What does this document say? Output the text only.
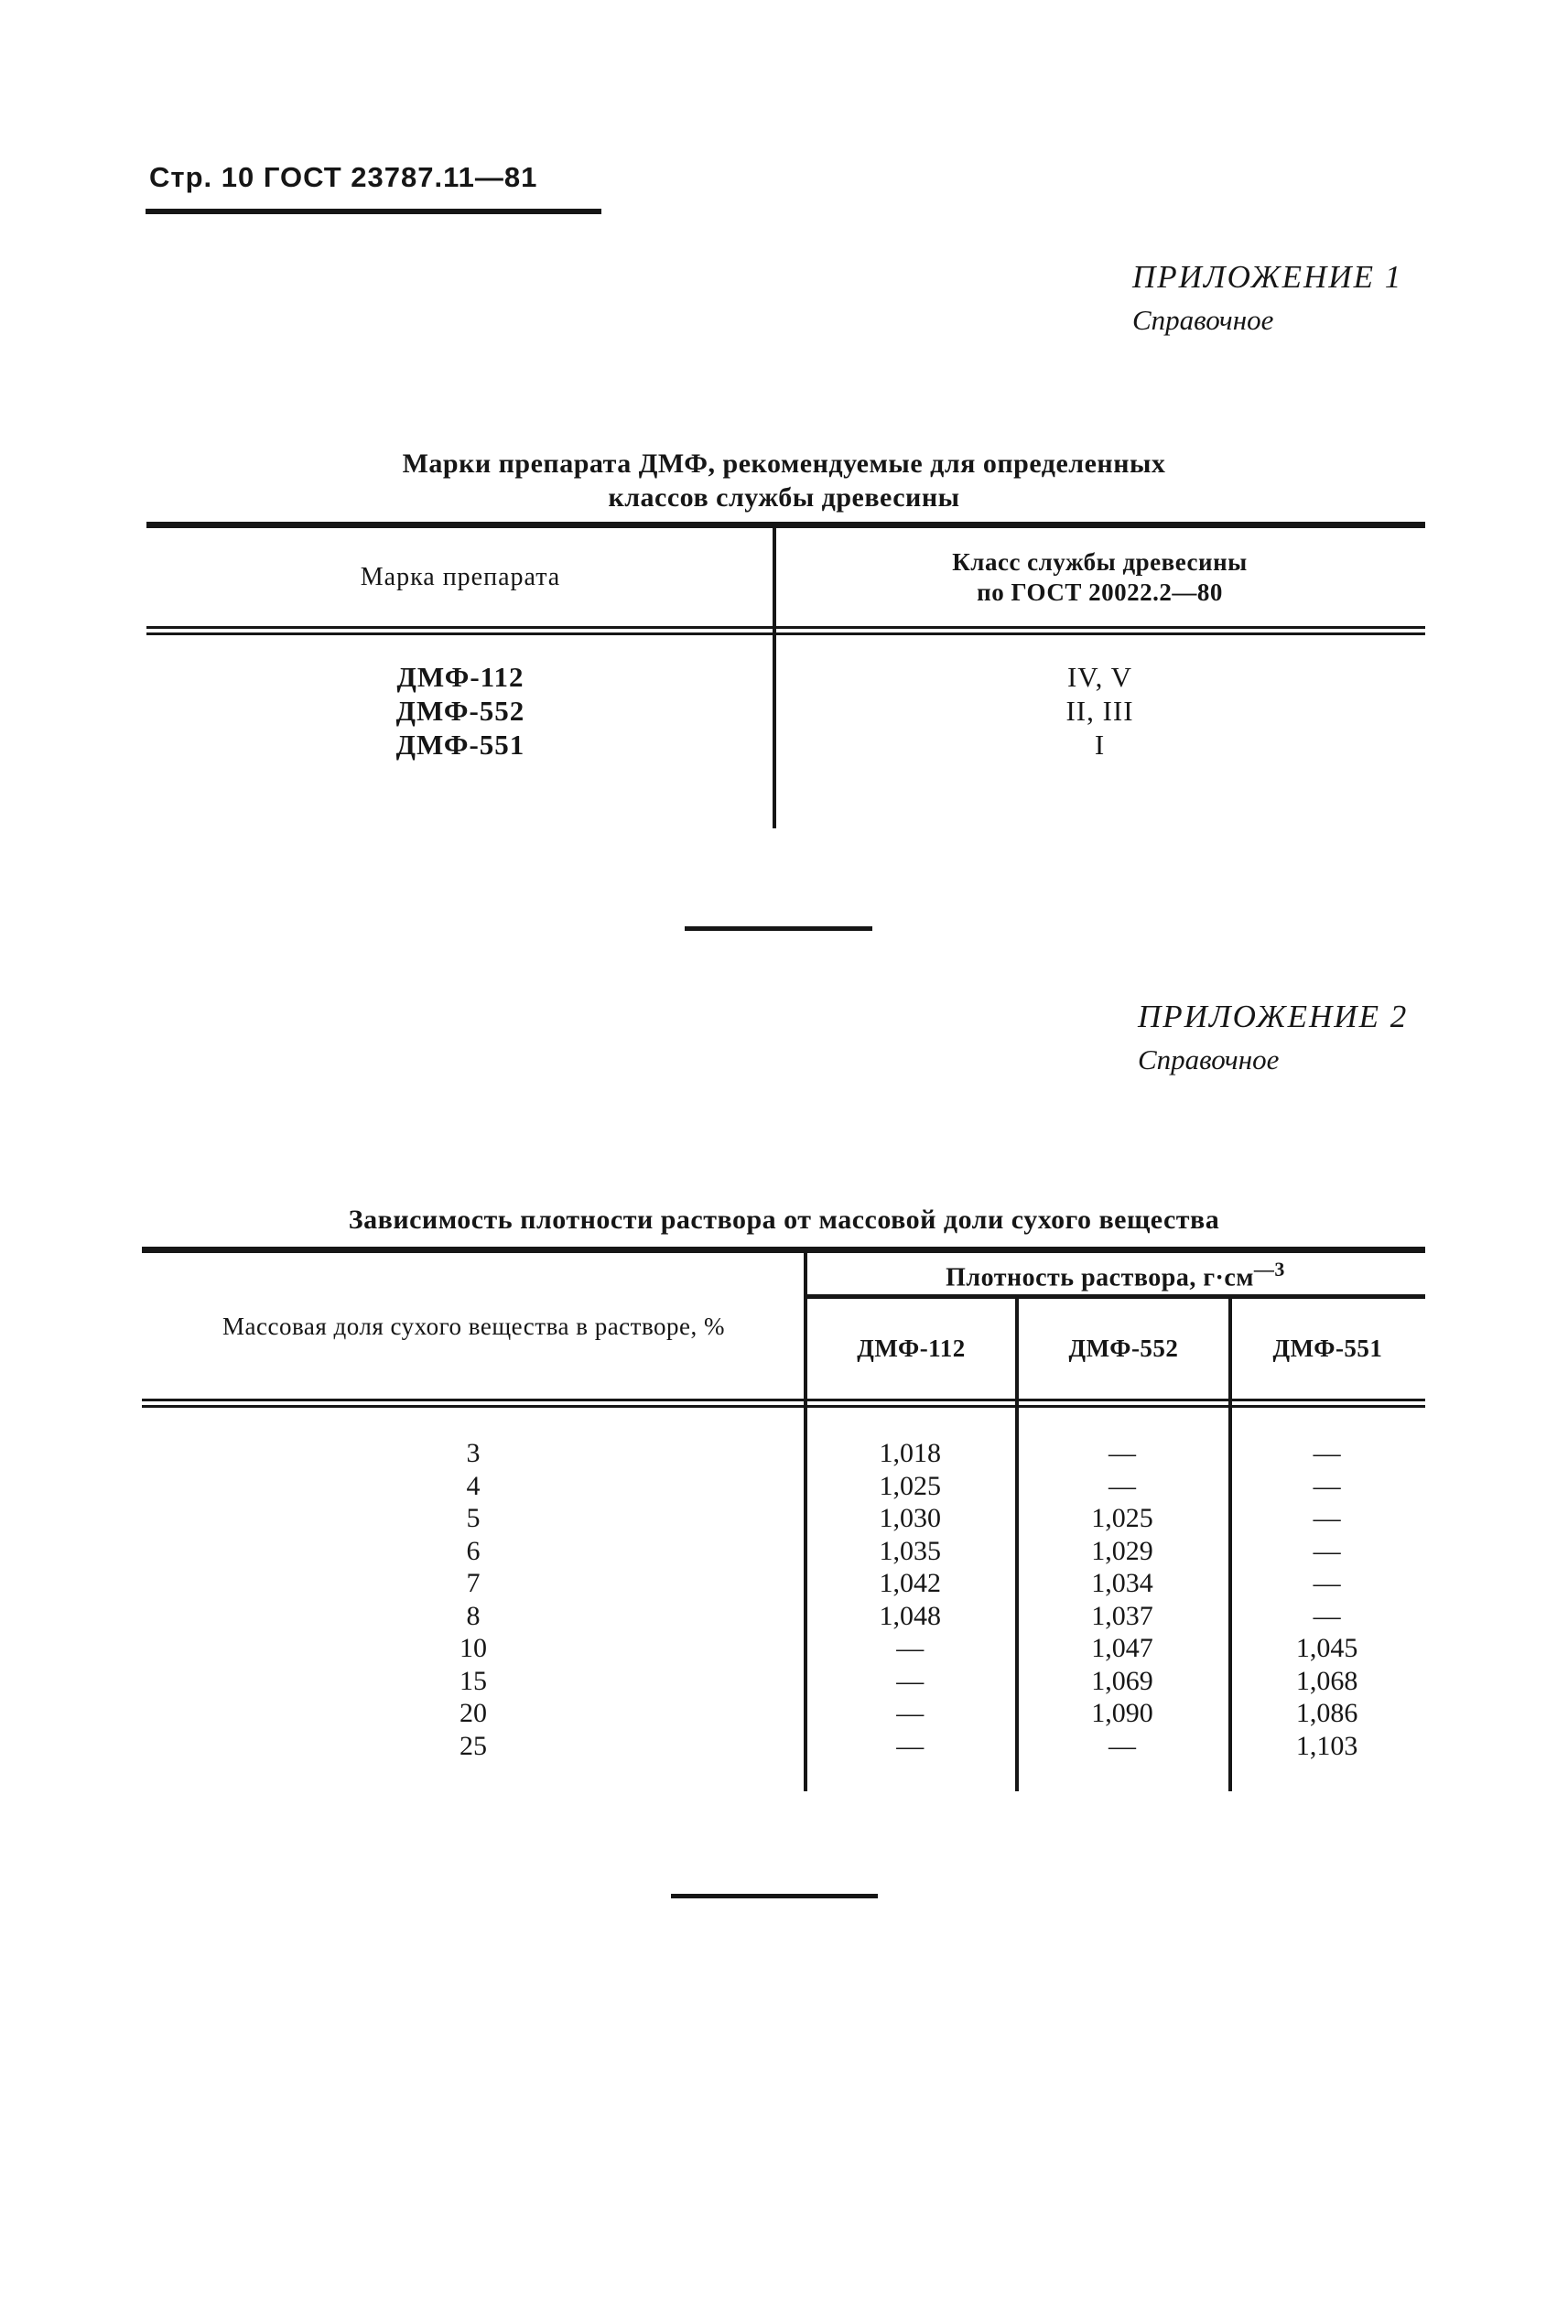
Стр. 10 ГОСТ 23787.11—81
ПРИЛОЖЕНИЕ 1
Справочное
Марки препарата ДМФ, рекомендуемые для определенных
классов службы древесины
Марка препарата
Класс службы древесины
по ГОСТ 20022.2—80
ДМФ-112	IV, V
ДМФ-552	II, III
ДМФ-551	I
ПРИЛОЖЕНИЕ 2
Справочное
Зависимость плотности раствора от массовой доли сухого вещества
Массовая доля сухого вещества в растворе, %
Плотность раствора, $г\cdot см^{—3}$
ДМФ-112	ДМФ-552	ДМФ-551
3	1,018	—	—
4	1,025	—	—
5	1,030	1,025	—
6	1,035	1,029	—
7	1,042	1,034	—
8	1,048	1,037	—
10	—	1,047	1,045
15	—	1,069	1,068
20	—	1,090	1,086
25	—	—	1,103
